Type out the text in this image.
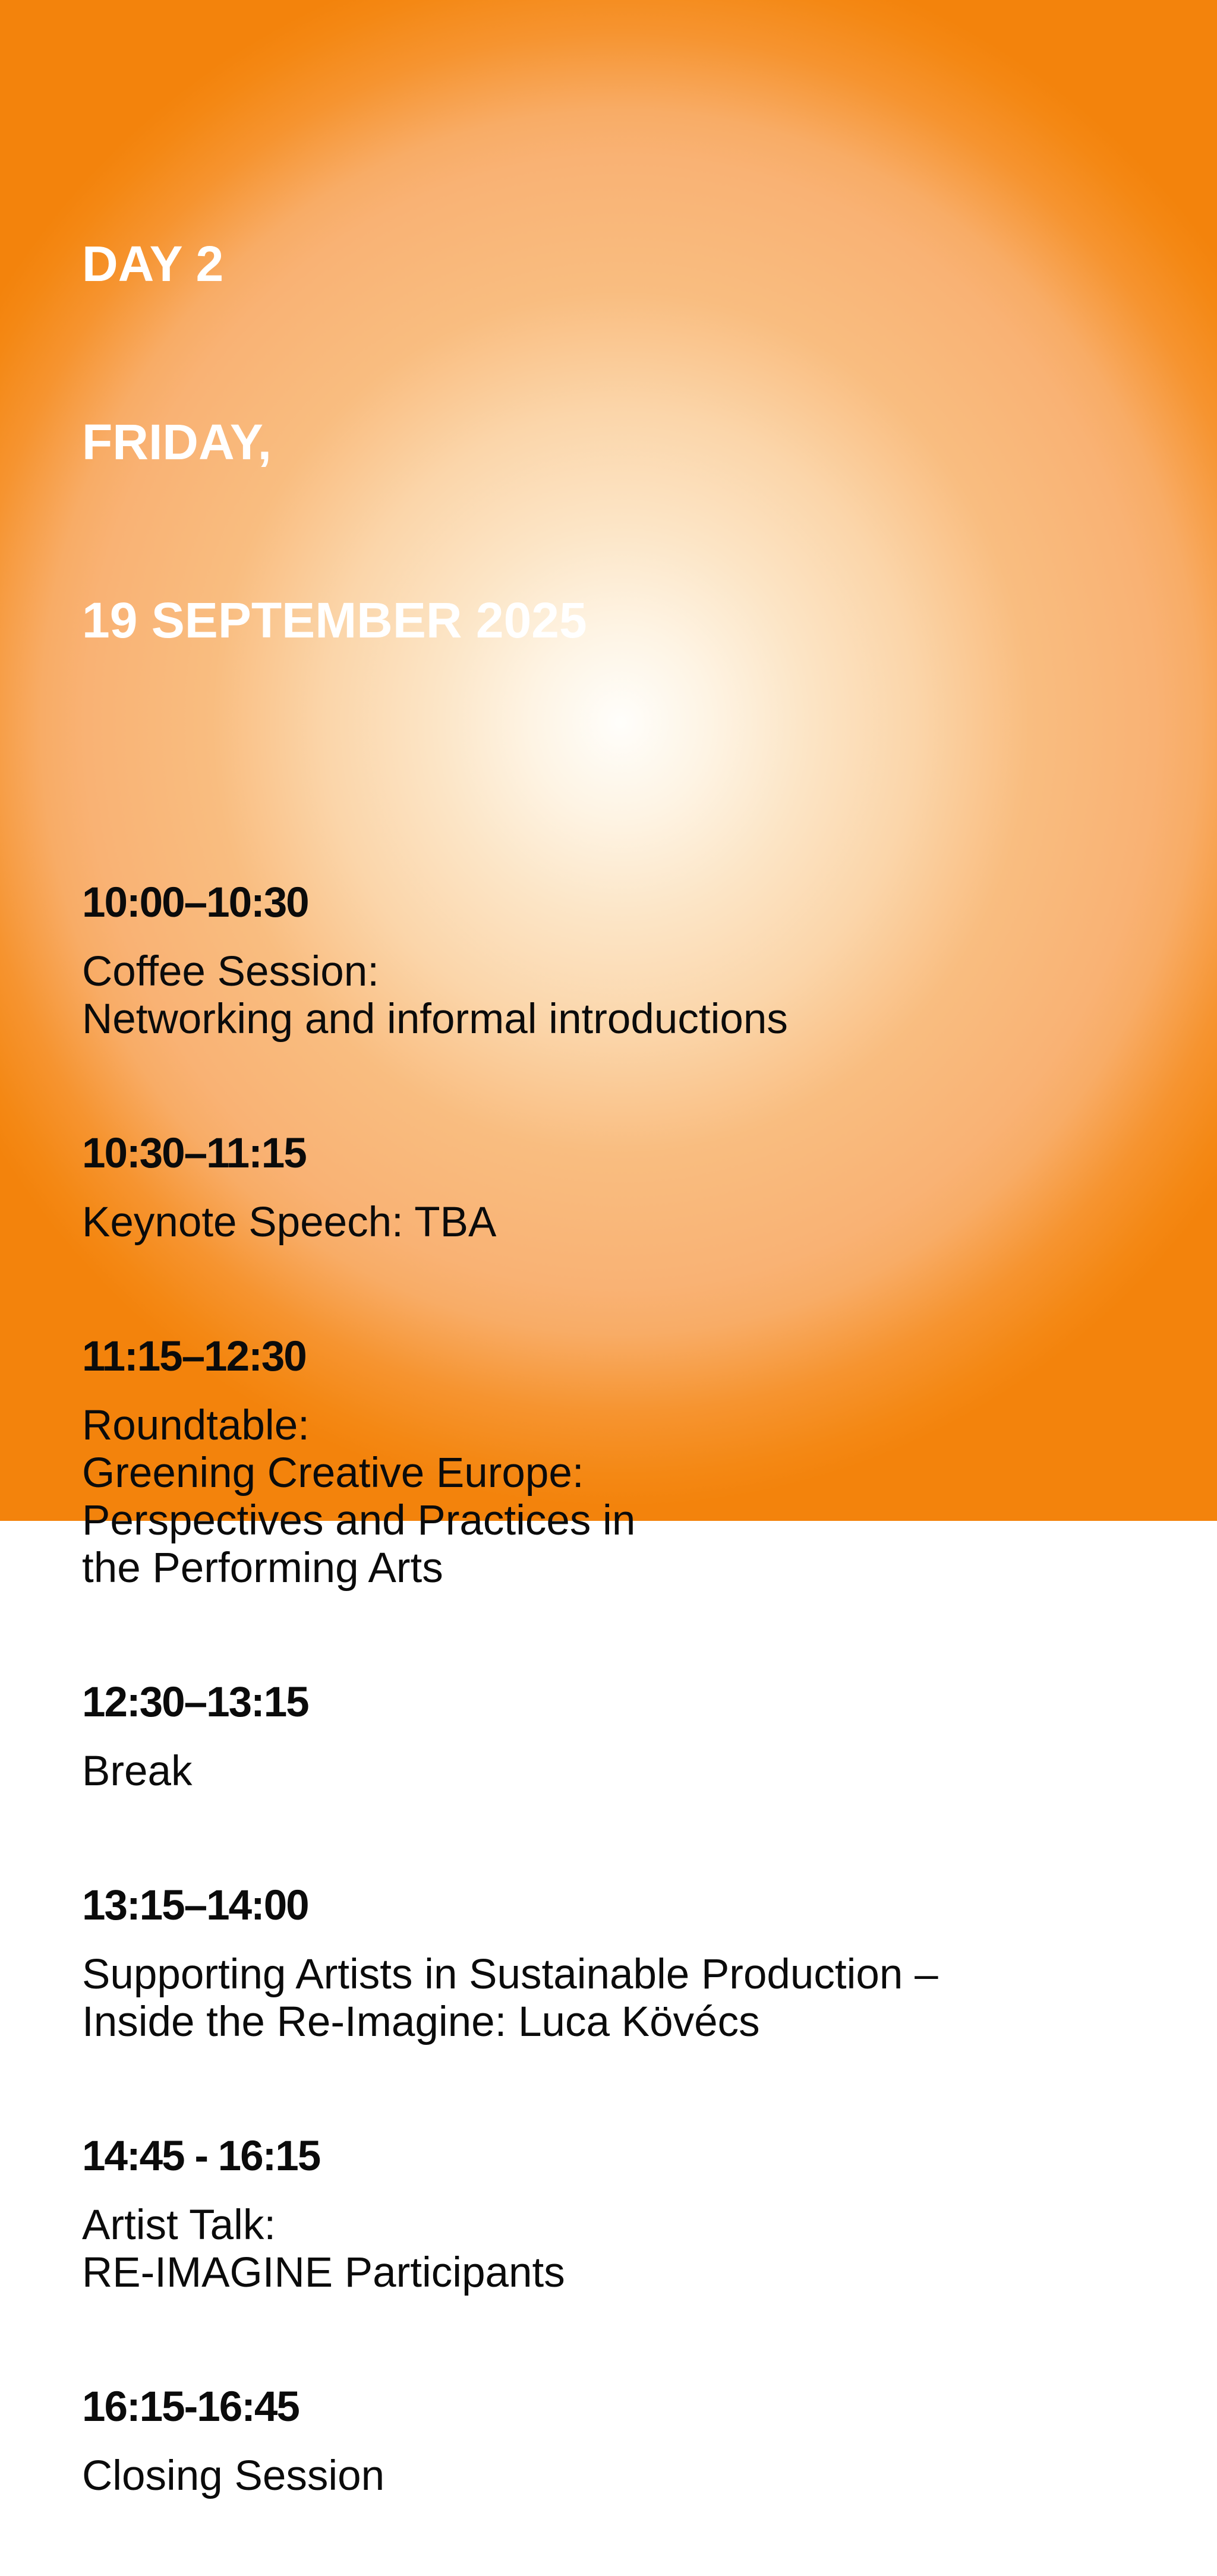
DAY 2

FRIDAY,

19 SEPTEMBER 2025

10:00–10:30

Coffee Session:
Networking and informal introductions

10:30–11:15

Keynote Speech: TBA

11:15–12:30

Roundtable:
Greening Creative Europe:
Perspectives and Practices in
the Performing Arts

12:30–13:15

Break

13:15–14:00

Supporting Artists in Sustainable Production –
Inside the Re-Imagine: Luca Kövécs

14:45 - 16:15

Artist Talk:
RE-IMAGINE Participants

16:15-16:45

Closing Session
